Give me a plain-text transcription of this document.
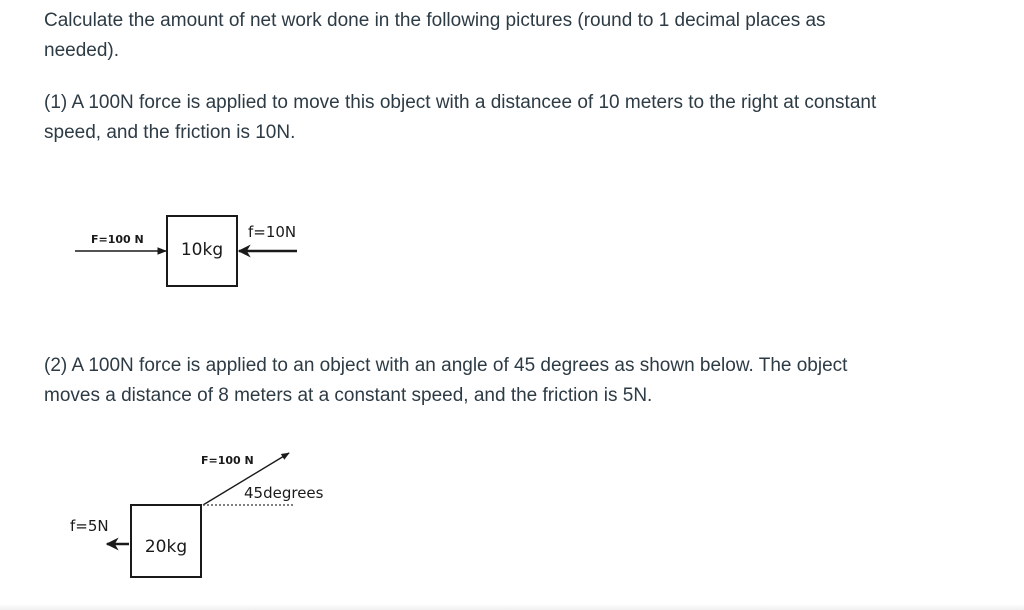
Calculate the amount of net work done in the following pictures (round to 1 decimal places as needed).

(1) A 100N force is applied to move this object with a distancee of 10 meters to the right at constant speed, and the friction is 10N.

F=100 N
10kg
f=10N

(2) A 100N force is applied to an object with an angle of 45 degrees as shown below. The object moves a distance of 8 meters at a constant speed, and the friction is 5N.

F=100 N
45degrees
20kg
f=5N
